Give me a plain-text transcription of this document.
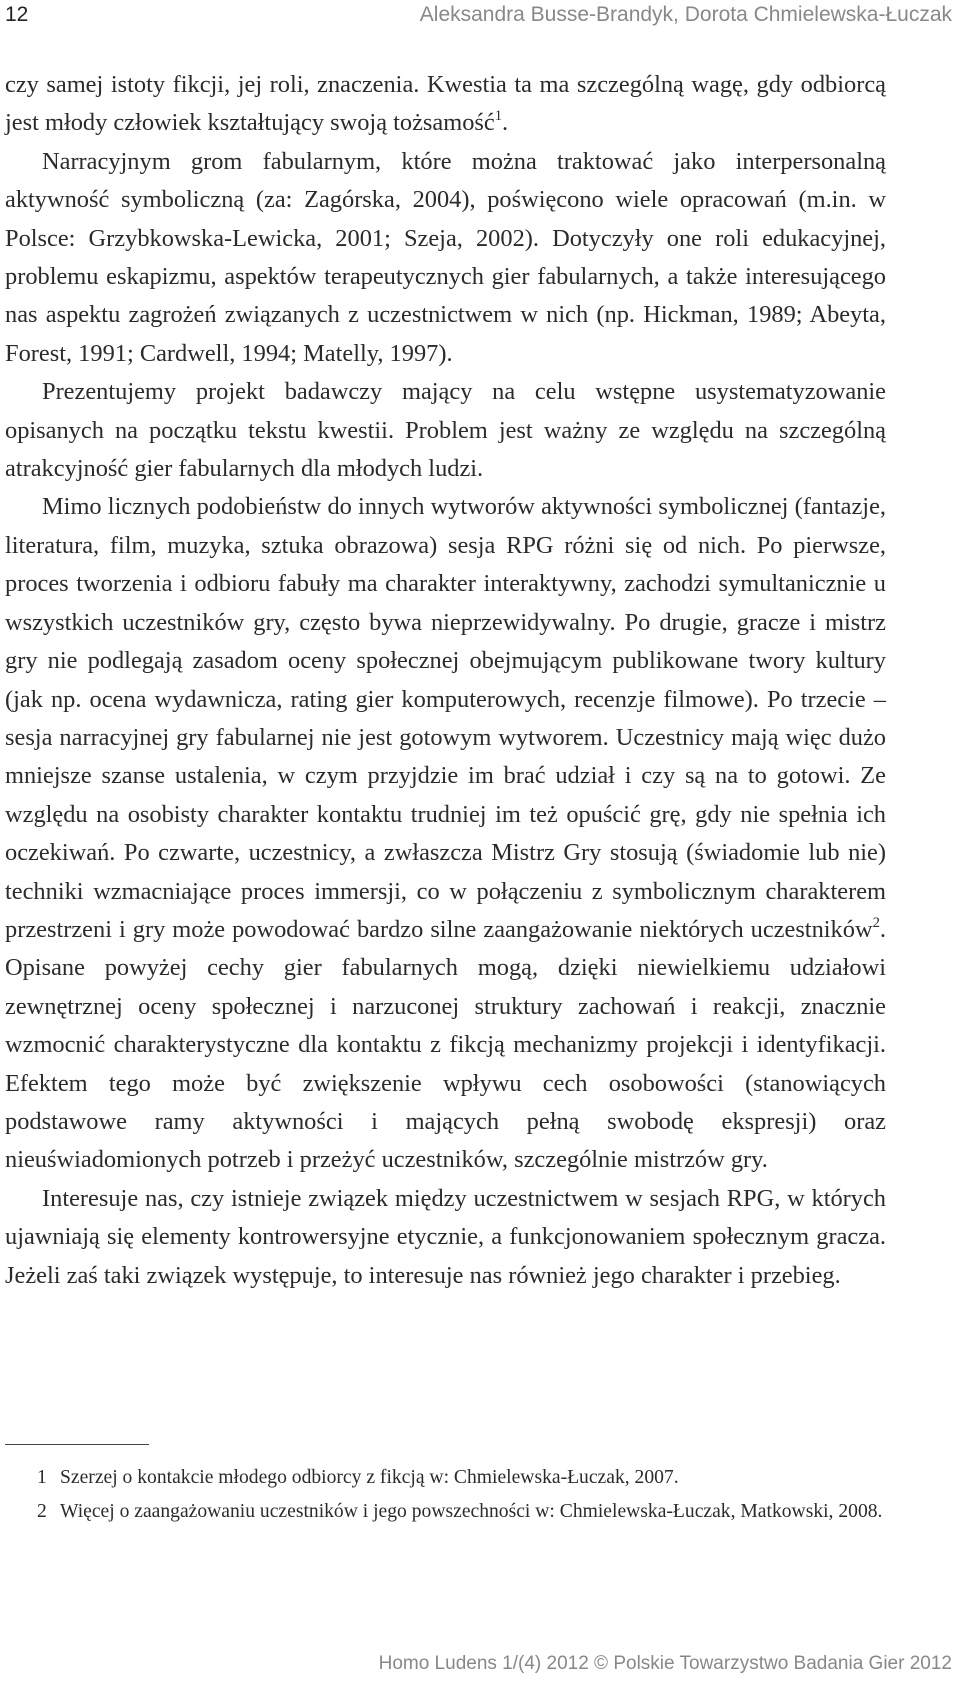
12	Aleksandra Busse-Brandyk, Dorota Chmielewska-Łuczak

czy samej istoty fikcji, jej roli, znaczenia. Kwestia ta ma szczególną wagę, gdy odbiorcą jest młody człowiek kształtujący swoją tożsamość$^1$.

Narracyjnym grom fabularnym, które można traktować jako interpersonalną aktywność symboliczną (za: Zagórska, 2004), poświęcono wiele opracowań (m.in. w Polsce: Grzybkowska-Lewicka, 2001; Szeja, 2002). Dotyczyły one roli edukacyjnej, problemu eskapizmu, aspektów terapeutycznych gier fabularnych, a także interesującego nas aspektu zagrożeń związanych z uczestnictwem w nich (np. Hickman, 1989; Abeyta, Forest, 1991; Cardwell, 1994; Matelly, 1997).

Prezentujemy projekt badawczy mający na celu wstępne usystematyzowanie opisanych na początku tekstu kwestii. Problem jest ważny ze względu na szczególną atrakcyjność gier fabularnych dla młodych ludzi.

Mimo licznych podobieństw do innych wytworów aktywności symbolicznej (fantazje, literatura, film, muzyka, sztuka obrazowa) sesja RPG różni się od nich. Po pierwsze, proces tworzenia i odbioru fabuły ma charakter interaktywny, zachodzi symultanicznie u wszystkich uczestników gry, często bywa nieprzewidywalny. Po drugie, gracze i mistrz gry nie podlegają zasadom oceny społecznej obejmującym publikowane twory kultury (jak np. ocena wydawnicza, rating gier komputerowych, recenzje filmowe). Po trzecie – sesja narracyjnej gry fabularnej nie jest gotowym wytworem. Uczestnicy mają więc dużo mniejsze szanse ustalenia, w czym przyjdzie im brać udział i czy są na to gotowi. Ze względu na osobisty charakter kontaktu trudniej im też opuścić grę, gdy nie spełnia ich oczekiwań. Po czwarte, uczestnicy, a zwłaszcza Mistrz Gry stosują (świadomie lub nie) techniki wzmacniające proces immersji, co w połączeniu z symbolicznym charakterem przestrzeni i gry może powodować bardzo silne zaangażowanie niektórych uczestników$^2$. Opisane powyżej cechy gier fabularnych mogą, dzięki niewielkiemu udziałowi zewnętrznej oceny społecznej i narzuconej struktury zachowań i reakcji, znacznie wzmocnić charakterystyczne dla kontaktu z fikcją mechanizmy projekcji i identyfikacji. Efektem tego może być zwiększenie wpływu cech osobowości (stanowiących podstawowe ramy aktywności i mających pełną swobodę ekspresji) oraz nieuświadomionych potrzeb i przeżyć uczestników, szczególnie mistrzów gry.

Interesuje nas, czy istnieje związek między uczestnictwem w sesjach RPG, w których ujawniają się elementy kontrowersyjne etycznie, a funkcjonowaniem społecznym gracza. Jeżeli zaś taki związek występuje, to interesuje nas również jego charakter i przebieg.

1 Szerzej o kontakcie młodego odbiorcy z fikcją w: Chmielewska-Łuczak, 2007.

2 Więcej o zaangażowaniu uczestników i jego powszechności w: Chmielewska-Łuczak, Matkowski, 2008.

Homo Ludens 1/(4) 2012 © Polskie Towarzystwo Badania Gier 2012
